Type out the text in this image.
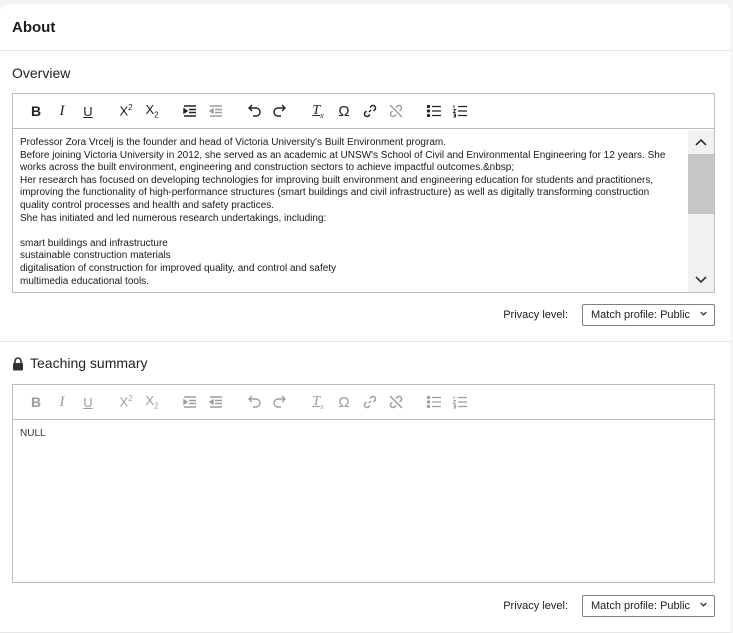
About
Overview
B I U $X^2$ $X_2$	$T_x$ Ω

Professor Zora Vrcelj is the founder and head of Victoria University's Built Environment program.

Before joining Victoria University in 2012, she served as an academic at UNSW's School of Civil and Environmental Engineering for 12 years. She works across the built environment, engineering and construction sectors to achieve impactful outcomes.&nbsp;

Her research has focused on developing technologies for improving built environment and engineering education for students and practitioners, improving the functionality of high-performance structures (smart buildings and civil infrastructure) as well as digitally transforming construction quality control processes and health and safety practices.

She has initiated and led numerous research undertakings, including:

smart buildings and infrastructure

sustainable construction materials

digitalisation of construction for improved quality, and control and safety

multimedia educational tools.

Privacy level: Match profile: Public
Teaching summary
B I U $X^2$ $X_2$	$T_x$ Ω

NULL

Privacy level: Match profile: Public
